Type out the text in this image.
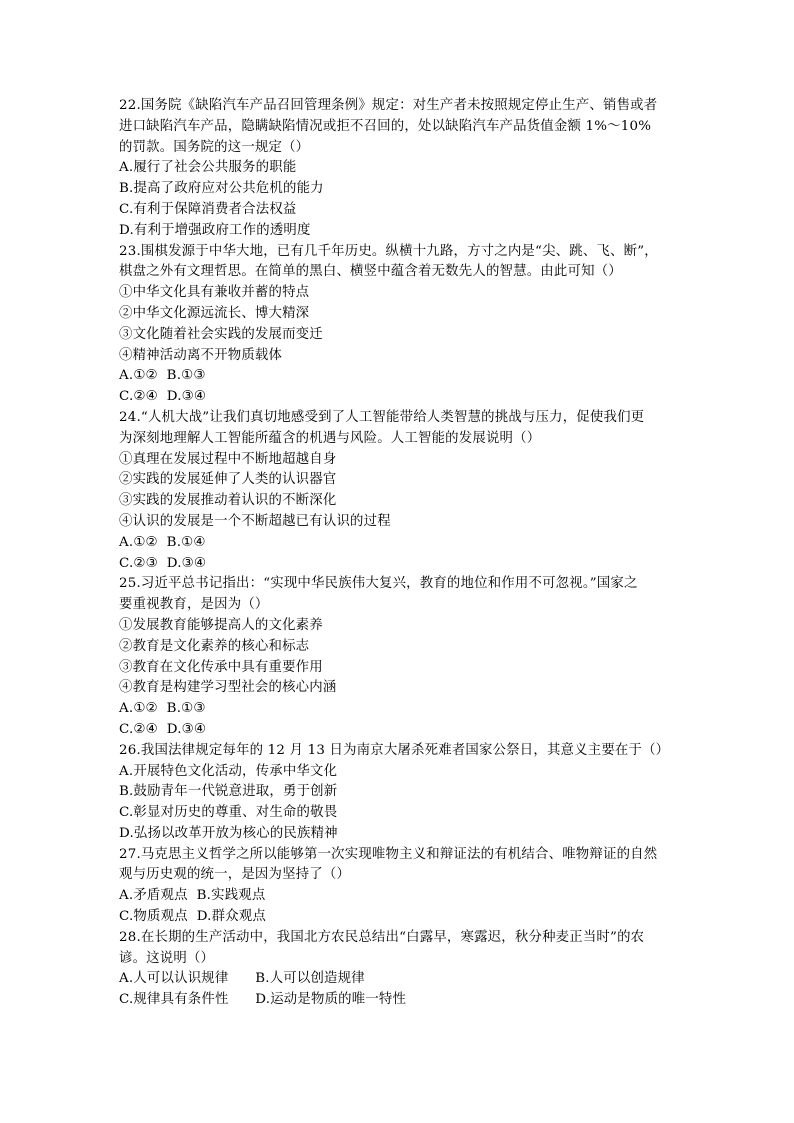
22.国务院《缺陷汽车产品召回管理条例》规定：对生产者未按照规定停止生产、销售或者
进口缺陷汽车产品，隐瞒缺陷情况或拒不召回的，处以缺陷汽车产品货值金额 1%～10%
的罚款。国务院的这一规定（）
A.履行了社会公共服务的职能
B.提高了政府应对公共危机的能力
C.有利于保障消费者合法权益
D.有利于增强政府工作的透明度
23.围棋发源于中华大地，已有几千年历史。纵横十九路，方寸之内是“尖、跳、飞、断”，
棋盘之外有文理哲思。在简单的黑白、横竖中蕴含着无数先人的智慧。由此可知（）
①中华文化具有兼收并蓄的特点
②中华文化源远流长、博大精深
③文化随着社会实践的发展而变迁
④精神活动离不开物质载体
A.①②  B.①③
C.②④  D.③④
24.“人机大战”让我们真切地感受到了人工智能带给人类智慧的挑战与压力，促使我们更
为深刻地理解人工智能所蕴含的机遇与风险。人工智能的发展说明（）
①真理在发展过程中不断地超越自身
②实践的发展延伸了人类的认识器官
③实践的发展推动着认识的不断深化
④认识的发展是一个不断超越已有认识的过程
A.①②  B.①④
C.②③  D.③④
25.习近平总书记指出：“实现中华民族伟大复兴，教育的地位和作用不可忽视。”国家之
要重视教育，是因为（）
①发展教育能够提高人的文化素养
②教育是文化素养的核心和标志
③教育在文化传承中具有重要作用
④教育是构建学习型社会的核心内涵
A.①②  B.①③
C.②④  D.③④
26.我国法律规定每年的 12 月 13 日为南京大屠杀死难者国家公祭日，其意义主要在于（）
A.开展特色文化活动，传承中华文化
B.鼓励青年一代锐意进取，勇于创新
C.彰显对历史的尊重、对生命的敬畏
D.弘扬以改革开放为核心的民族精神
27.马克思主义哲学之所以能够第一次实现唯物主义和辩证法的有机结合、唯物辩证的自然
观与历史观的统一，是因为坚持了（）
A.矛盾观点  B.实践观点
C.物质观点  D.群众观点
28.在长期的生产活动中，我国北方农民总结出“白露早，寒露迟，秋分种麦正当时”的农
谚。这说明（）
A.人可以认识规律      B.人可以创造规律
C.规律具有条件性      D.运动是物质的唯一特性
